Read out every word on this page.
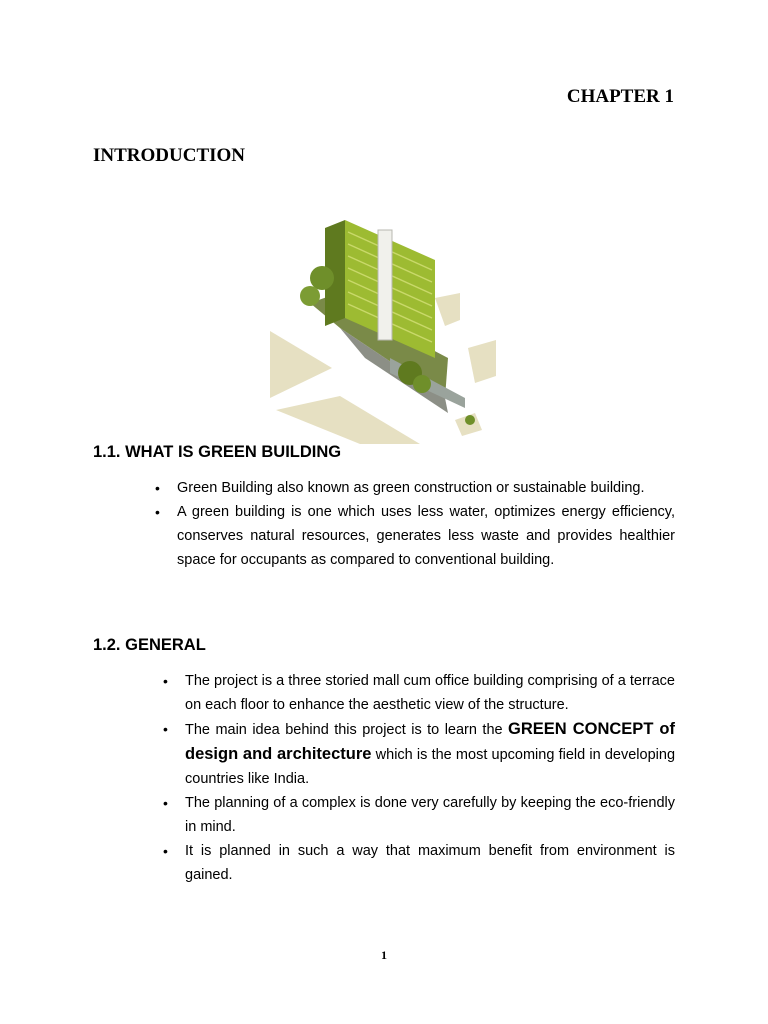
CHAPTER 1
INTRODUCTION
1.1. WHAT IS GREEN BUILDING
• Green Building also known as green construction or sustainable building.
• A green building is one which uses less water, optimizes energy efficiency, conserves natural resources, generates less waste and provides healthier space for occupants as compared to conventional building.
1.2. GENERAL
• The project is a three storied mall cum office building comprising of a terrace on each floor to enhance the aesthetic view of the structure.
• The main idea behind this project is to learn the GREEN CONCEPT of design and architecture which is the most upcoming field in developing countries like India.
• The planning of a complex is done very carefully by keeping the eco-friendly in mind.
• It is planned in such a way that maximum benefit from environment is gained.
1
